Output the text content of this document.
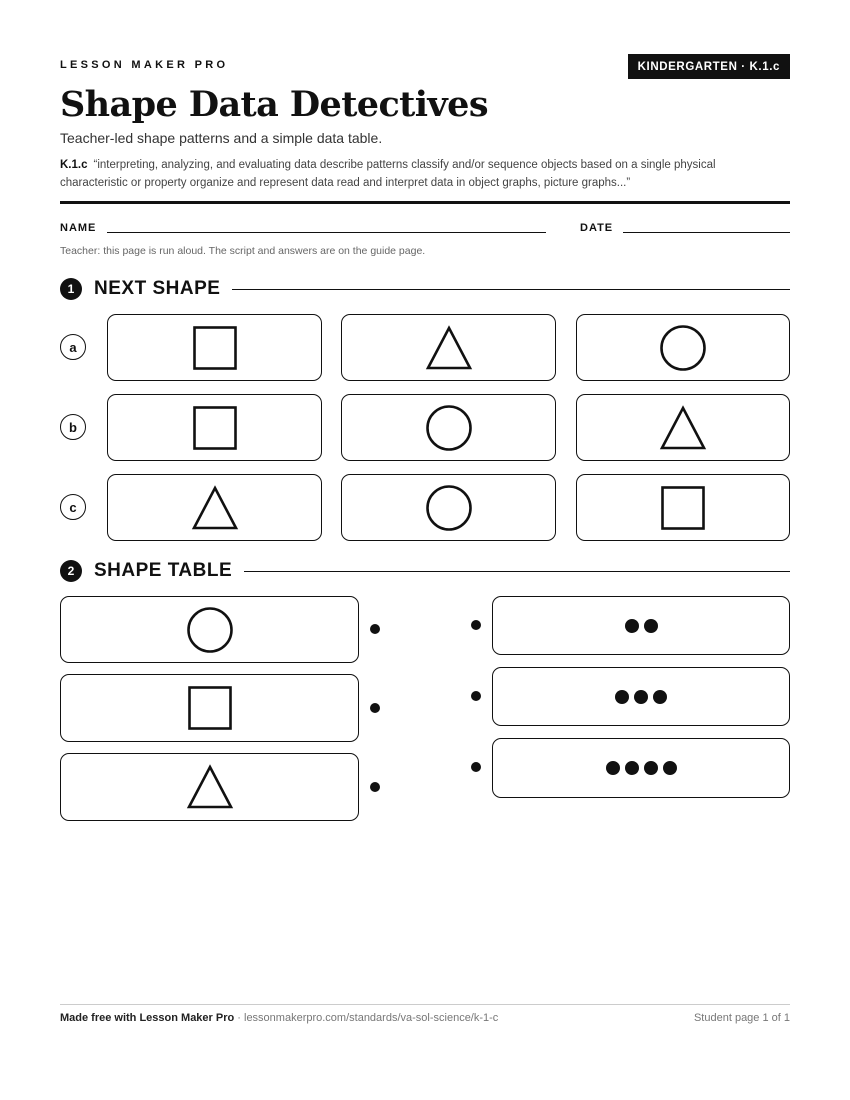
LESSON MAKER PRO	KINDERGARTEN · K.1.c
Shape Data Detectives
Teacher-led shape patterns and a simple data table.
K.1.c “interpreting, analyzing, and evaluating data describe patterns classify and/or sequence objects based on a single physical characteristic or property organize and represent data read and interpret data in object graphs, picture graphs...”
NAME	DATE
Teacher: this page is run aloud. The script and answers are on the guide page.
1	NEXT SHAPE
a
b
c
2	SHAPE TABLE
Made free with Lesson Maker Pro · lessonmakerpro.com/standards/va-sol-science/k-1-c	Student page 1 of 1
